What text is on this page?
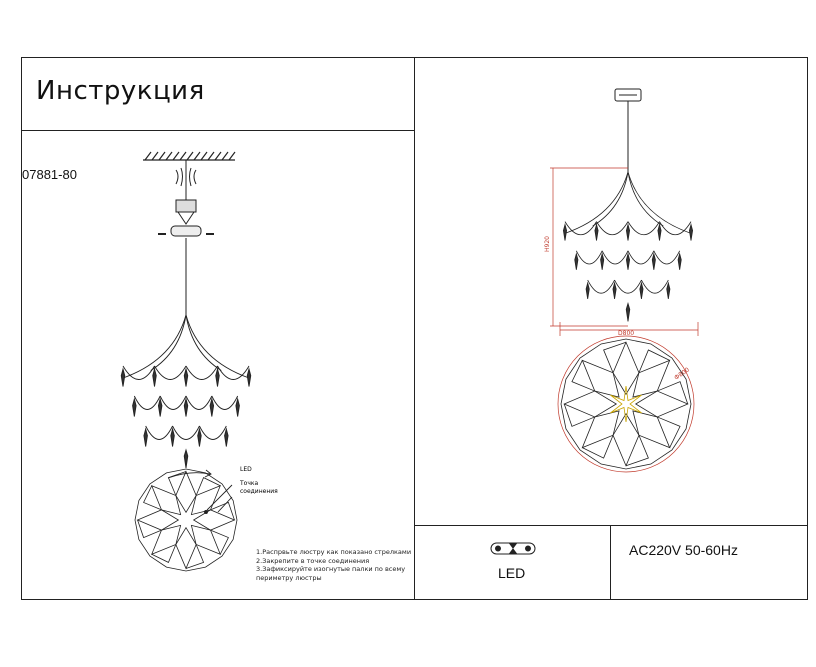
Инструкция
07881-80
LED
Точка
соединения
H920
D800
Ф800
1.Распрвьте люстру как показано стрелками
2.Закрепите в точке соединения
3.Зафиксируйте изогнутые палки по всему
периметру люстры	LED
AC220V 50-60Hz
